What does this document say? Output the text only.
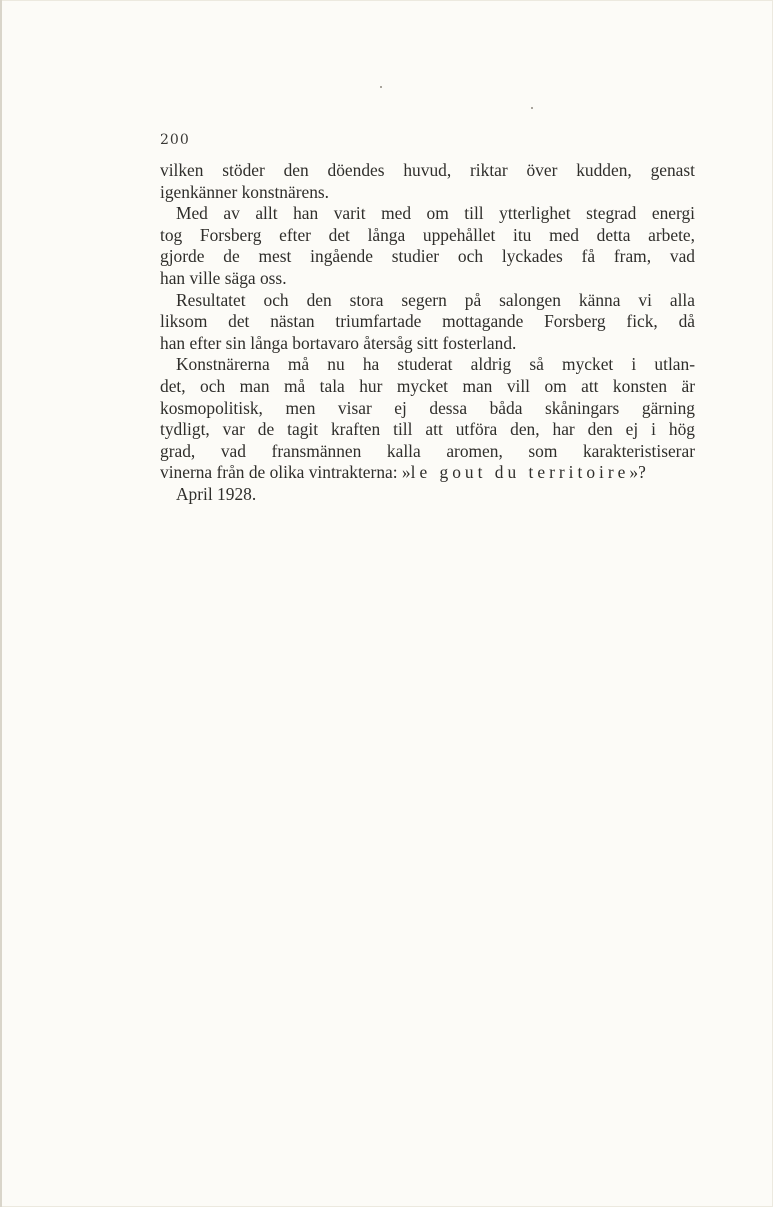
200
vilken stöder den döendes huvud, riktar över kudden, genast
igenkänner konstnärens.
Med av allt han varit med om till ytterlighet stegrad energi
tog Forsberg efter det långa uppehållet itu med detta arbete,
gjorde de mest ingående studier och lyckades få fram, vad
han ville säga oss.
Resultatet och den stora segern på salongen känna vi alla
liksom det nästan triumfartade mottagande Forsberg fick, då
han efter sin långa bortavaro återsåg sitt fosterland.
Konstnärerna må nu ha studerat aldrig så mycket i utlan-
det, och man må tala hur mycket man vill om att konsten är
kosmopolitisk, men visar ej dessa båda skåningars gärning
tydligt, var de tagit kraften till att utföra den, har den ej i hög
grad, vad fransmännen kalla aromen, som karakteristiserar
vinerna från de olika vintrakterna: »le gout du territoire»?
April 1928.
